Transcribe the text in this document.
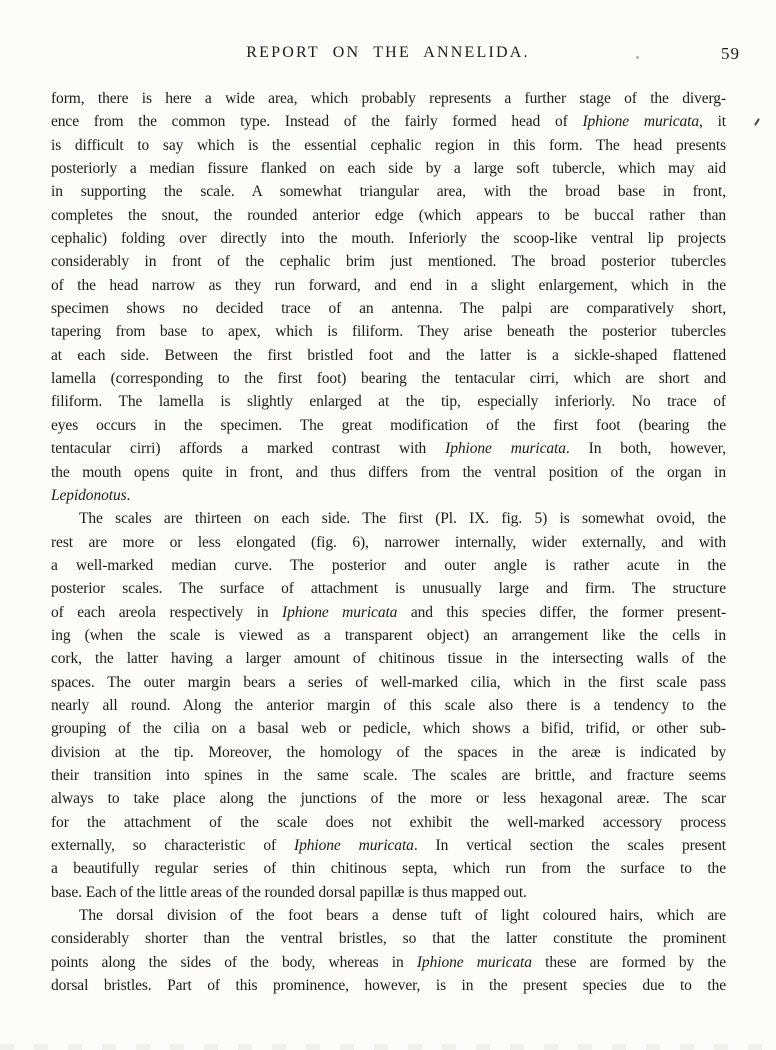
REPORT ON THE ANNELIDA.	59
form, there is here a wide area, which probably represents a further stage of the diverg-
ence from the common type. Instead of the fairly formed head of Iphione muricata, it
is difficult to say which is the essential cephalic region in this form. The head presents
posteriorly a median fissure flanked on each side by a large soft tubercle, which may aid
in supporting the scale. A somewhat triangular area, with the broad base in front,
completes the snout, the rounded anterior edge (which appears to be buccal rather than
cephalic) folding over directly into the mouth. Inferiorly the scoop-like ventral lip projects
considerably in front of the cephalic brim just mentioned. The broad posterior tubercles
of the head narrow as they run forward, and end in a slight enlargement, which in the
specimen shows no decided trace of an antenna. The palpi are comparatively short,
tapering from base to apex, which is filiform. They arise beneath the posterior tubercles
at each side. Between the first bristled foot and the latter is a sickle-shaped flattened
lamella (corresponding to the first foot) bearing the tentacular cirri, which are short and
filiform. The lamella is slightly enlarged at the tip, especially inferiorly. No trace of
eyes occurs in the specimen. The great modification of the first foot (bearing the
tentacular cirri) affords a marked contrast with Iphione muricata. In both, however,
the mouth opens quite in front, and thus differs from the ventral position of the organ in
Lepidonotus.
The scales are thirteen on each side. The first (Pl. IX. fig. 5) is somewhat ovoid, the
rest are more or less elongated (fig. 6), narrower internally, wider externally, and with
a well-marked median curve. The posterior and outer angle is rather acute in the
posterior scales. The surface of attachment is unusually large and firm. The structure
of each areola respectively in Iphione muricata and this species differ, the former present-
ing (when the scale is viewed as a transparent object) an arrangement like the cells in
cork, the latter having a larger amount of chitinous tissue in the intersecting walls of the
spaces. The outer margin bears a series of well-marked cilia, which in the first scale pass
nearly all round. Along the anterior margin of this scale also there is a tendency to the
grouping of the cilia on a basal web or pedicle, which shows a bifid, trifid, or other sub-
division at the tip. Moreover, the homology of the spaces in the areæ is indicated by
their transition into spines in the same scale. The scales are brittle, and fracture seems
always to take place along the junctions of the more or less hexagonal areæ. The scar
for the attachment of the scale does not exhibit the well-marked accessory process
externally, so characteristic of Iphione muricata. In vertical section the scales present
a beautifully regular series of thin chitinous septa, which run from the surface to the
base. Each of the little areas of the rounded dorsal papillæ is thus mapped out.
The dorsal division of the foot bears a dense tuft of light coloured hairs, which are
considerably shorter than the ventral bristles, so that the latter constitute the prominent
points along the sides of the body, whereas in Iphione muricata these are formed by the
dorsal bristles. Part of this prominence, however, is in the present species due to the
